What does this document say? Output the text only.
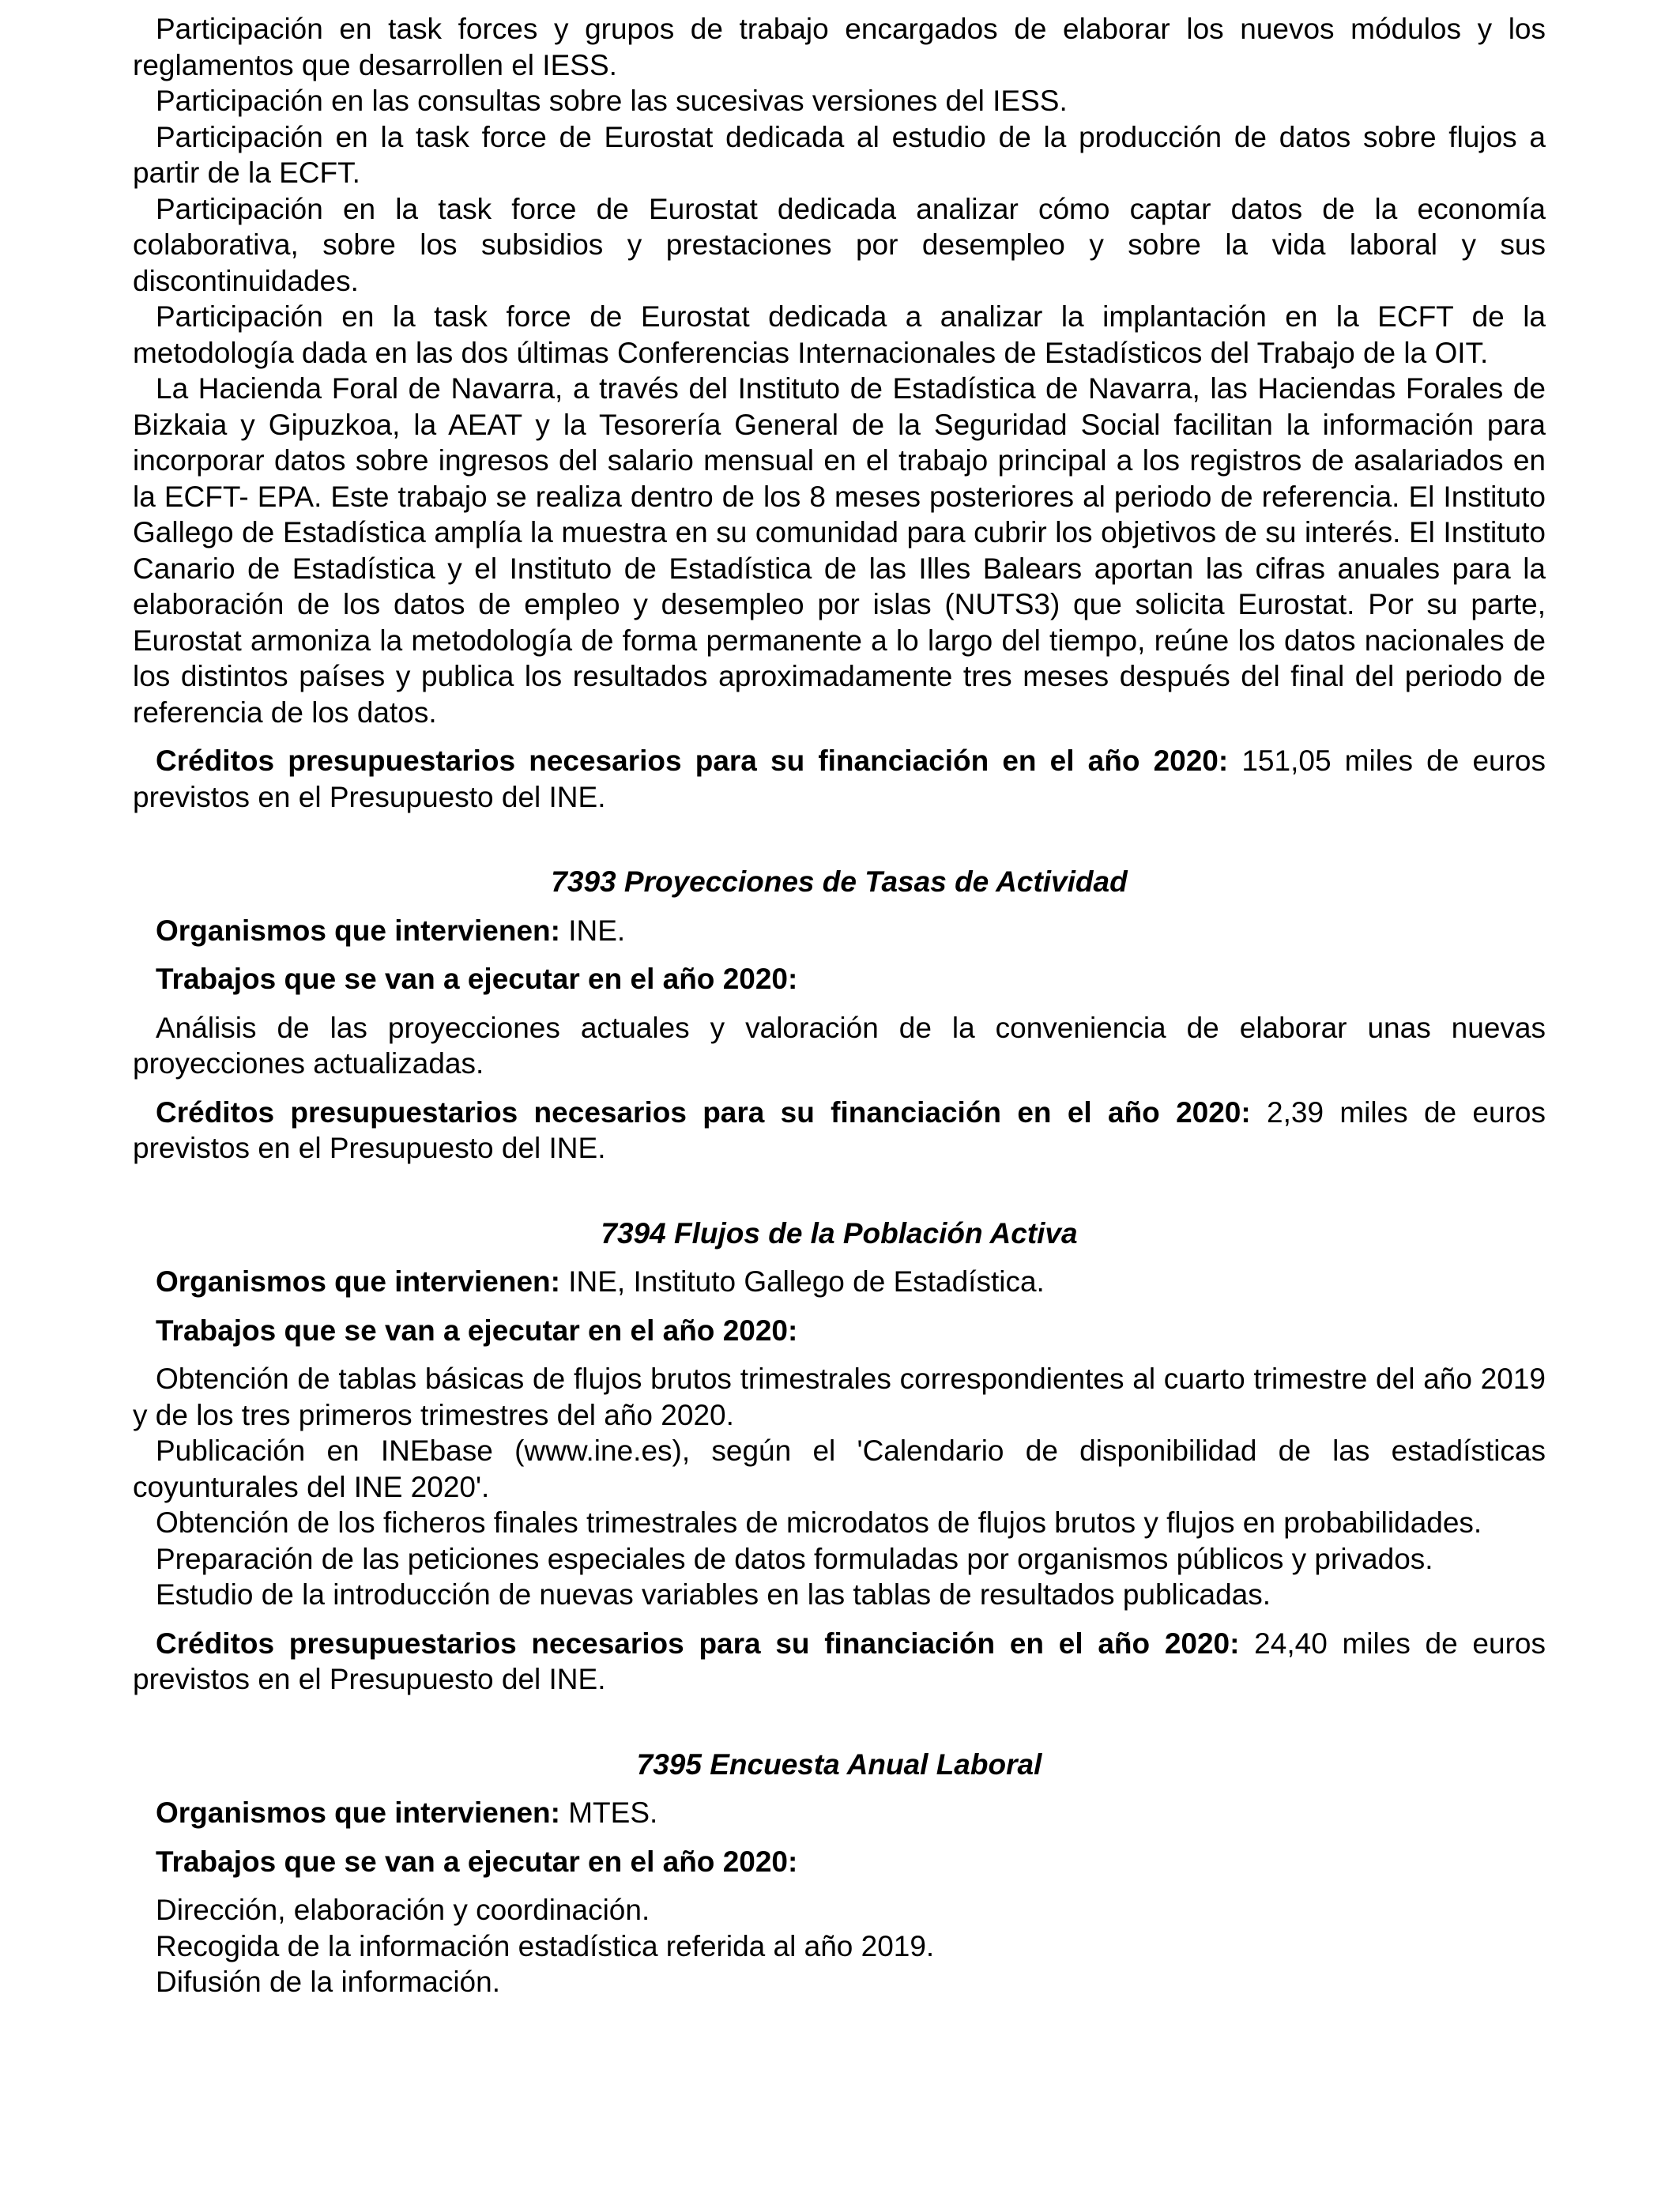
Participación en task forces y grupos de trabajo encargados de elaborar los nuevos módulos y los reglamentos que desarrollen el IESS.

Participación en las consultas sobre las sucesivas versiones del IESS.

Participación en la task force de Eurostat dedicada al estudio de la producción de datos sobre flujos a partir de la ECFT.

Participación en la task force de Eurostat dedicada analizar cómo captar datos de la economía colaborativa, sobre los subsidios y prestaciones por desempleo y sobre la vida laboral y sus discontinuidades.

Participación en la task force de Eurostat dedicada a analizar la implantación en la ECFT de la metodología dada en las dos últimas Conferencias Internacionales de Estadísticos del Trabajo de la OIT.

La Hacienda Foral de Navarra, a través del Instituto de Estadística de Navarra, las Haciendas Forales de Bizkaia y Gipuzkoa, la AEAT y la Tesorería General de la Seguridad Social facilitan la información para incorporar datos sobre ingresos del salario mensual en el trabajo principal a los registros de asalariados en la ECFT- EPA. Este trabajo se realiza dentro de los 8 meses posteriores al periodo de referencia. El Instituto Gallego de Estadística amplía la muestra en su comunidad para cubrir los objetivos de su interés. El Instituto Canario de Estadística y el Instituto de Estadística de las Illes Balears aportan las cifras anuales para la elaboración de los datos de empleo y desempleo por islas (NUTS3) que solicita Eurostat. Por su parte, Eurostat armoniza la metodología de forma permanente a lo largo del tiempo, reúne los datos nacionales de los distintos países y publica los resultados aproximadamente tres meses después del final del periodo de referencia de los datos.

Créditos presupuestarios necesarios para su financiación en el año 2020: 151,05 miles de euros previstos en el Presupuesto del INE.

7393 Proyecciones de Tasas de Actividad

Organismos que intervienen: INE.

Trabajos que se van a ejecutar en el año 2020:

Análisis de las proyecciones actuales y valoración de la conveniencia de elaborar unas nuevas proyecciones actualizadas.

Créditos presupuestarios necesarios para su financiación en el año 2020: 2,39 miles de euros previstos en el Presupuesto del INE.

7394 Flujos de la Población Activa

Organismos que intervienen: INE, Instituto Gallego de Estadística.

Trabajos que se van a ejecutar en el año 2020:

Obtención de tablas básicas de flujos brutos trimestrales correspondientes al cuarto trimestre del año 2019 y de los tres primeros trimestres del año 2020.

Publicación en INEbase (www.ine.es), según el 'Calendario de disponibilidad de las estadísticas coyunturales del INE 2020'.

Obtención de los ficheros finales trimestrales de microdatos de flujos brutos y flujos en probabilidades.

Preparación de las peticiones especiales de datos formuladas por organismos públicos y privados.

Estudio de la introducción de nuevas variables en las tablas de resultados publicadas.

Créditos presupuestarios necesarios para su financiación en el año 2020: 24,40 miles de euros previstos en el Presupuesto del INE.

7395 Encuesta Anual Laboral

Organismos que intervienen: MTES.

Trabajos que se van a ejecutar en el año 2020:

Dirección, elaboración y coordinación.

Recogida de la información estadística referida al año 2019.

Difusión de la información.
